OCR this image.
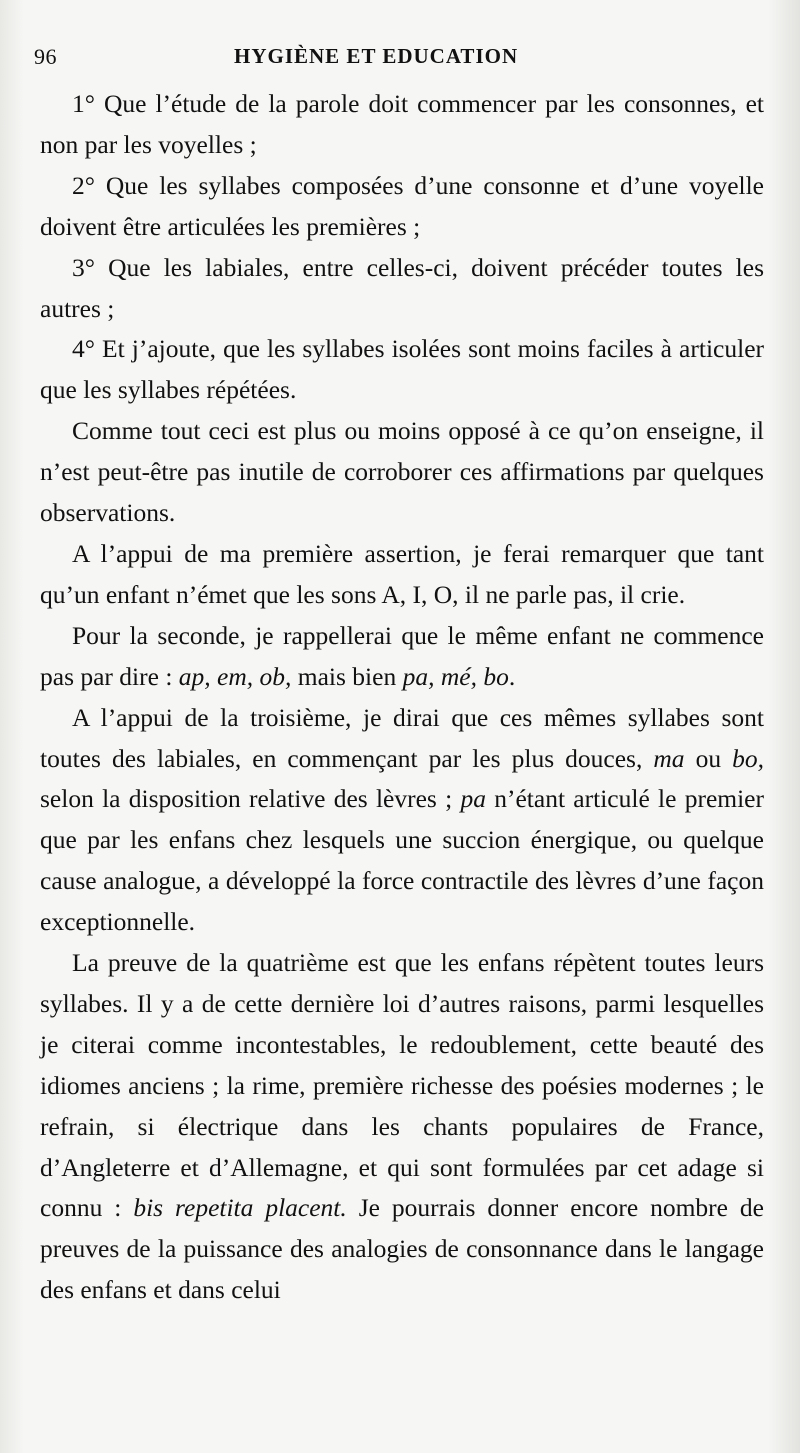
96	HYGIÈNE ET EDUCATION

1° Que l’étude de la parole doit commencer par les consonnes, et non par les voyelles ;

2° Que les syllabes composées d’une consonne et d’une voyelle doivent être articulées les premières ;

3° Que les labiales, entre celles-ci, doivent précéder toutes les autres ;

4° Et j’ajoute, que les syllabes isolées sont moins faciles à articuler que les syllabes répétées.

Comme tout ceci est plus ou moins opposé à ce qu’on enseigne, il n’est peut-être pas inutile de corroborer ces affirmations par quelques observations.

A l’appui de ma première assertion, je ferai remarquer que tant qu’un enfant n’émet que les sons A, I, O, il ne parle pas, il crie.

Pour la seconde, je rappellerai que le même enfant ne commence pas par dire : ap, em, ob, mais bien pa, mé, bo.

A l’appui de la troisième, je dirai que ces mêmes syllabes sont toutes des labiales, en commençant par les plus douces, ma ou bo, selon la disposition relative des lèvres ; pa n’étant articulé le premier que par les enfans chez lesquels une succion énergique, ou quelque cause analogue, a développé la force contractile des lèvres d’une façon exceptionnelle.

La preuve de la quatrième est que les enfans répètent toutes leurs syllabes. Il y a de cette dernière loi d’autres raisons, parmi lesquelles je citerai comme incontestables, le redoublement, cette beauté des idiomes anciens ; la rime, première richesse des poésies modernes ; le refrain, si électrique dans les chants populaires de France, d’Angleterre et d’Allemagne, et qui sont formulées par cet adage si connu : bis repetita placent. Je pourrais donner encore nombre de preuves de la puissance des analogies de consonnance dans le langage des enfans et dans celui
